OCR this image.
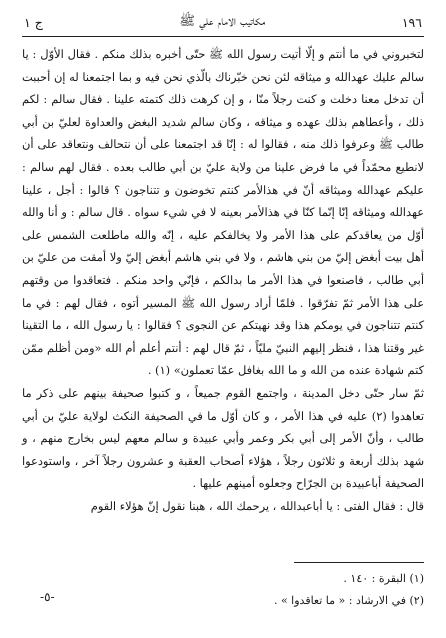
١٩٦
مكاتيب الامام علي ﷺ
ج ١

لتخبروني في ما أنتم و إلّا أتيت رسول الله ﷺ حتّى أخبره بذلك منكم . فقال الأوّل : يا سالم عليك عهدالله و ميثاقه لئن نحن خبّرناك بالّذي نحن فيه و بما اجتمعنا له إن أحببت أن تدخل معنا دخلت و كنت رجلاً منّا ، و إن كرهت ذلك كتمته علينا . فقال سالم : لكم ذلك ، وأعطاهم بذلك عهده و ميثاقه ، وكان سالم شديد البغض والعداوة لعليّ بن أبي طالب ﷺ وعرفوا ذلك منه ، فقالوا له : إنّا قد اجتمعنا على أن نتحالف ونتعاقد على أن لانطيع محمّداً في ما فرض علينا من ولاية عليّ بن أبي طالب بعده . فقال لهم سالم : عليكم عهدالله وميثاقه أنّ في هذالأمر كنتم تخوضون و تتناجون ؟ قالوا : أجل ، علينا عهدالله وميثاقه إنّا إنّما كنّا في هذالأمر بعينه لا في شيء سواه . قال سالم : و أنا والله أوّل من يعاقدكم على هذا الأمر ولا يخالفكم عليه ، إنّه والله ماطلعت الشمس على أهل بيت أبغض إليّ من بني هاشم ، ولا في بني هاشم أبغض إليّ ولا أمقت من عليّ بن أبي طالب ، فاصنعوا في هذا الأمر ما بدالكم ، فإنّي واحد منكم . فتعاقدوا من وقتهم على هذا الأمر ثمّ تفرّقوا . فلمّا أراد رسول الله ﷺ المسير أتوه ، فقال لهم : في ما كنتم تتناجون في يومكم هذا وقد نهيتكم عن النجوى ؟ فقالوا : يا رسول الله ، ما التقينا غير وقتنا هذا ، فنظر إليهم النبيّ مليّاً ، ثمّ قال لهم : أنتم أعلم أم الله «ومن أظلم ممّن كتم شهادة عنده من الله و ما الله بغافل عمّا تعملون» (١) .

ثمّ سار حتّى دخل المدينة ، واجتمع القوم جميعاً ، و كتبوا صحيفة بينهم على ذكر ما تعاهدوا (٢) عليه في هذا الأمر ، و كان أوّل ما في الصحيفة النكث لولاية عليّ بن أبي طالب ، وأنّ الأمر إلى أبي بكر وعمر وأبي عبيدة و سالم معهم ليس بخارج منهم ، و شهد بذلك أربعة و ثلاثون رجلاً ، هؤلاء أصحاب العقبة و عشرون رجلاً آخر ، واستودعوا الصحيفة أباعبيدة بن الجرّاح وجعلوه أمينهم عليها .

قال : فقال الفتى : يا أباعبدالله ، يرحمك الله ، هبنا نقول إنّ هؤلاء القوم

(١) البقرة : ١٤٠ .

(٢) في الارشاد : « ما تعاقدوا » .

-٥-
